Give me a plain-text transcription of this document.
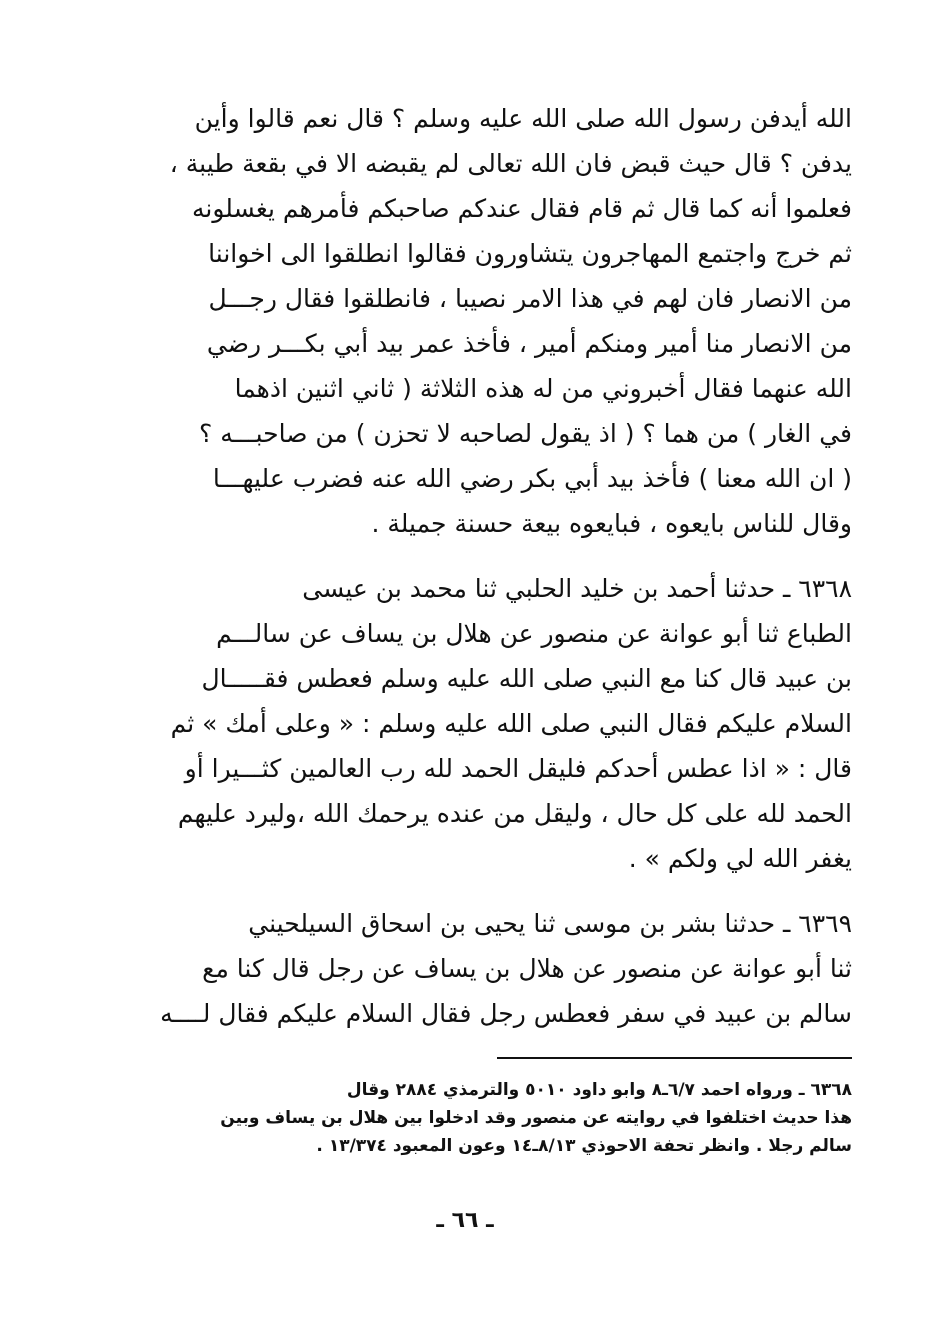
الله أيدفن رسول الله صلى الله عليه وسلم ؟ قال نعم قالوا وأين
يدفن ؟ قال حيث قبض فان الله تعالى لم يقبضه الا في بقعة طيبة ،
فعلموا أنه كما قال ثم قام فقال عندكم صاحبكم فأمرهم يغسلونه
ثم خرج واجتمع المهاجرون يتشاورون فقالوا انطلقوا الى اخواننا
من الانصار فان لهم في هذا الامر نصيبا ، فانطلقوا فقال رجـــل
من الانصار منا أمير ومنكم أمير ، فأخذ عمر بيد أبي بكـــر رضي
الله عنهما فقال أخبروني من له هذه الثلاثة ( ثاني اثنين اذهما
في الغار ) من هما ؟ ( اذ يقول لصاحبه لا تحزن ) من صاحبـــه ؟
( ان الله معنا ) فأخذ بيد أبي بكر رضي الله عنه فضرب عليهـــا
وقال للناس بايعوه ، فبايعوه بيعة حسنة جميلة .
٦٣٦٨ ـ حدثنا أحمد بن خليد الحلبي ثنا محمد بن عيسى
الطباع ثنا أبو عوانة عن منصور عن هلال بن يساف عن سالـــم
بن عبيد قال كنا مع النبي صلى الله عليه وسلم فعطس فقـــــال
السلام عليكم فقال النبي صلى الله عليه وسلم : « وعلى أمك » ثم
قال : « اذا عطس أحدكم فليقل الحمد لله رب العالمين كثـــيرا أو
الحمد لله على كل حال ، وليقل من عنده يرحمك الله ،وليرد عليهم
يغفر الله لي ولكم » .
٦٣٦٩ ـ حدثنا بشر بن موسى ثنا يحيى بن اسحاق السيلحيني
ثنا أبو عوانة عن منصور عن هلال بن يساف عن رجل قال كنا مع
سالم بن عبيد في سفر فعطس رجل فقال السلام عليكم فقال لــــه
٦٣٦٨ ـ ورواه احمد ٦/٧ـ٨ وابو داود ٥٠١٠ والترمذي ٢٨٨٤ وقال
هذا حديث اختلفوا في روايته عن منصور وقد ادخلوا بين هلال بن يساف وبين
سالم رجلا . وانظر تحفة الاحوذي ٨/١٣ـ١٤ وعون المعبود ١٣/٣٧٤ .
ـ ٦٦ ـ
